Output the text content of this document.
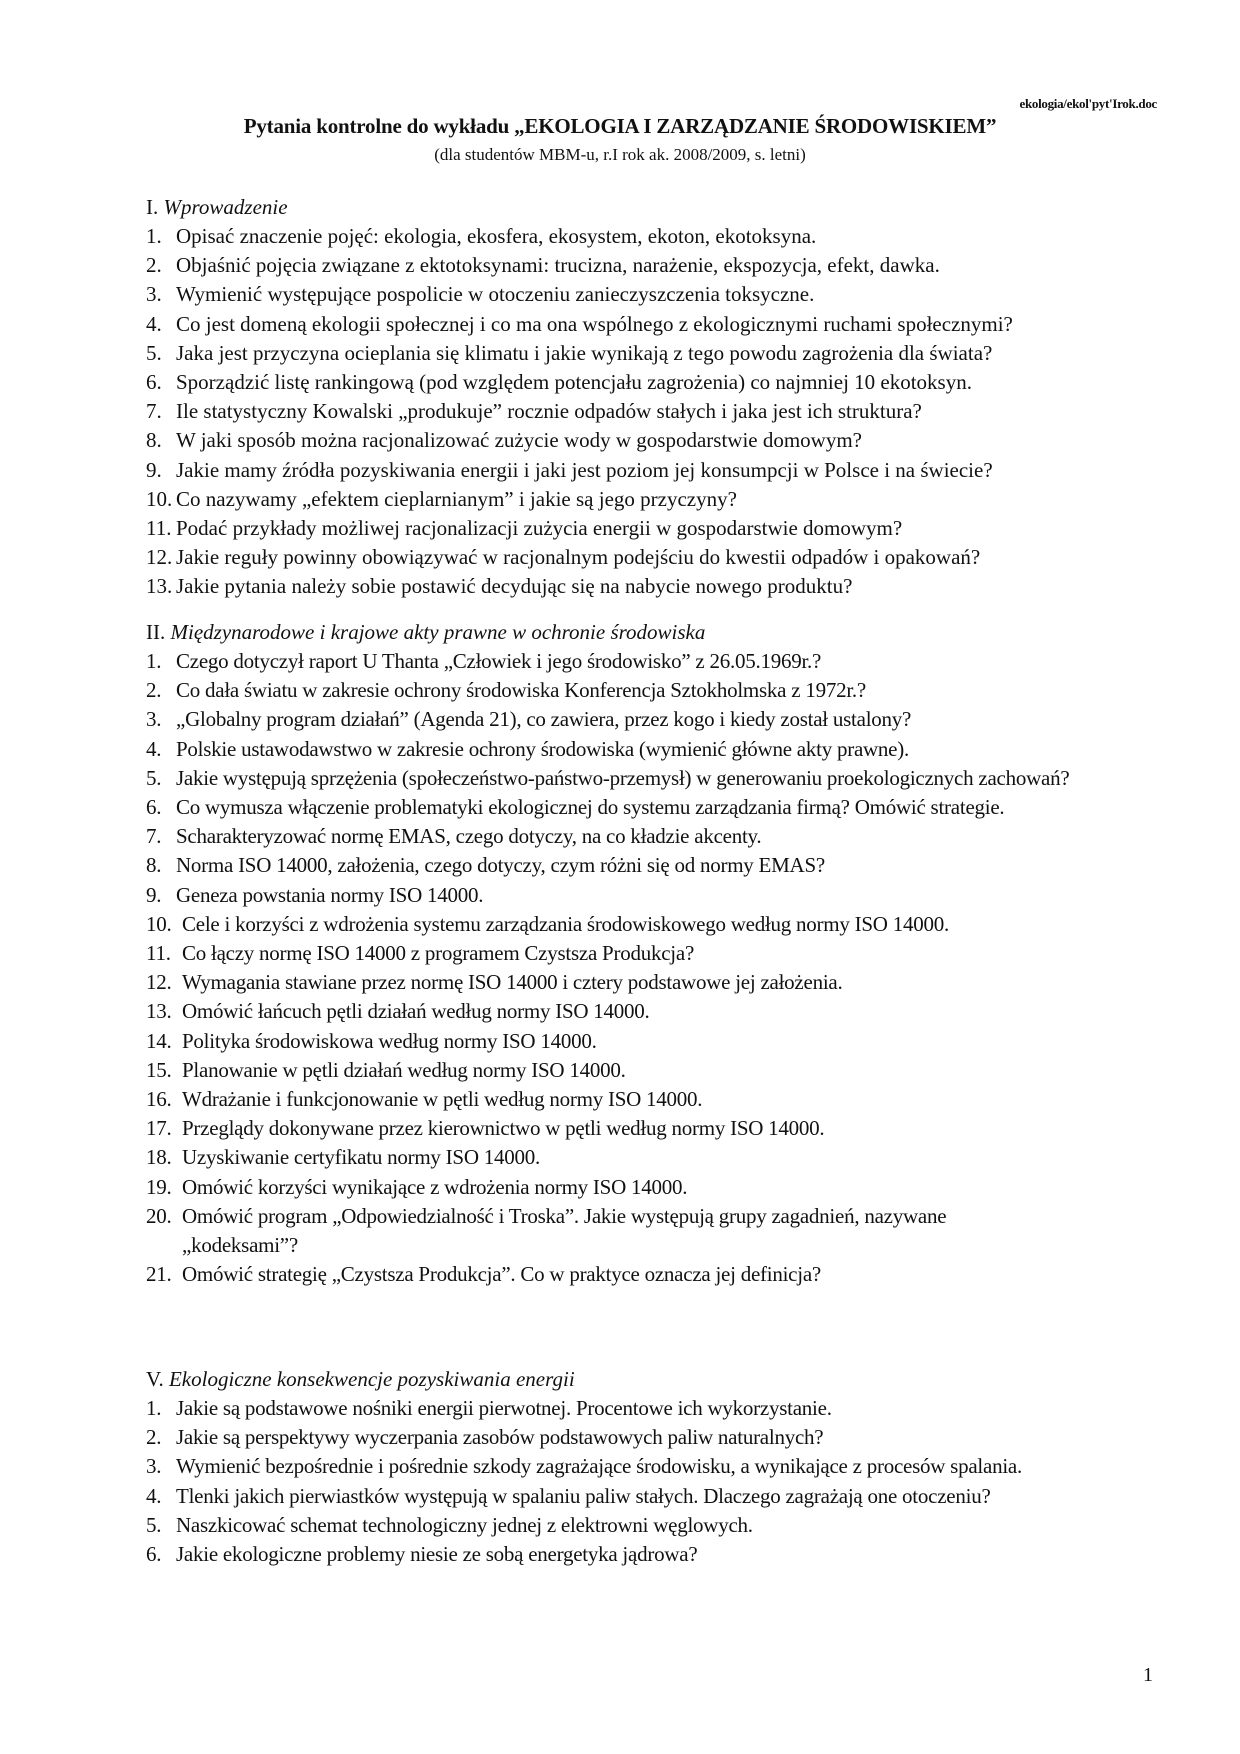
ekologia/ekol'pyt'Irok.doc
Pytania kontrolne do wykładu „EKOLOGIA I ZARZĄDZANIE ŚRODOWISKIEM”
(dla studentów MBM-u, r.I rok ak. 2008/2009, s. letni)
I. Wprowadzenie
1. Opisać znaczenie pojęć: ekologia, ekosfera, ekosystem, ekoton, ekotoksyna.
2. Objaśnić pojęcia związane z ektotoksynami: trucizna, narażenie, ekspozycja, efekt, dawka.
3. Wymienić występujące pospolicie w otoczeniu zanieczyszczenia toksyczne.
4. Co jest domeną ekologii społecznej i co ma ona wspólnego z ekologicznymi ruchami społecznymi?
5. Jaka jest przyczyna ocieplania się klimatu i jakie wynikają z tego powodu zagrożenia dla świata?
6. Sporządzić listę rankingową (pod względem potencjału zagrożenia) co najmniej 10 ekotoksyn.
7. Ile statystyczny Kowalski „produkuje” rocznie odpadów stałych i jaka jest ich struktura?
8. W jaki sposób można racjonalizować zużycie wody w gospodarstwie domowym?
9. Jakie mamy źródła pozyskiwania energii i jaki jest poziom jej konsumpcji w Polsce i na świecie?
10. Co nazywamy „efektem cieplarnianym” i jakie są jego przyczyny?
11. Podać przykłady możliwej racjonalizacji zużycia energii w gospodarstwie domowym?
12. Jakie reguły powinny obowiązywać w racjonalnym podejściu do kwestii odpadów i opakowań?
13. Jakie pytania należy sobie postawić decydując się na nabycie nowego produktu?
II. Międzynarodowe i krajowe akty prawne w ochronie środowiska
1. Czego dotyczył raport U Thanta „Człowiek i jego środowisko” z 26.05.1969r.?
2. Co dała światu w zakresie ochrony środowiska Konferencja Sztokholmska z 1972r.?
3. „Globalny program działań” (Agenda 21), co zawiera, przez kogo i kiedy został ustalony?
4. Polskie ustawodawstwo w zakresie ochrony środowiska (wymienić główne akty prawne).
5. Jakie występują sprzężenia (społeczeństwo-państwo-przemysł) w generowaniu proekologicznych zachowań?
6. Co wymusza włączenie problematyki ekologicznej do systemu zarządzania firmą? Omówić strategie.
7. Scharakteryzować normę EMAS, czego dotyczy, na co kładzie akcenty.
8. Norma ISO 14000, założenia, czego dotyczy, czym różni się od normy EMAS?
9. Geneza powstania normy ISO 14000.
10. Cele i korzyści z wdrożenia systemu zarządzania środowiskowego według normy ISO 14000.
11. Co łączy normę ISO 14000 z programem Czystsza Produkcja?
12. Wymagania stawiane przez normę ISO 14000 i cztery podstawowe jej założenia.
13. Omówić łańcuch pętli działań według normy ISO 14000.
14. Polityka środowiskowa według normy ISO 14000.
15. Planowanie w pętli działań według normy ISO 14000.
16. Wdrażanie i funkcjonowanie w pętli według normy ISO 14000.
17. Przeglądy dokonywane przez kierownictwo w pętli według normy ISO 14000.
18. Uzyskiwanie certyfikatu normy ISO 14000.
19. Omówić korzyści wynikające z wdrożenia normy ISO 14000.
20. Omówić program „Odpowiedzialność i Troska”. Jakie występują grupy zagadnień, nazywane „kodeksami”?
21. Omówić strategię „Czystsza Produkcja”. Co w praktyce oznacza jej definicja?
V. Ekologiczne konsekwencje pozyskiwania energii
1. Jakie są podstawowe nośniki energii pierwotnej. Procentowe ich wykorzystanie.
2. Jakie są perspektywy wyczerpania zasobów podstawowych paliw naturalnych?
3. Wymienić bezpośrednie i pośrednie szkody zagrażające środowisku, a wynikające z procesów spalania.
4. Tlenki jakich pierwiastków występują w spalaniu paliw stałych. Dlaczego zagrażają one otoczeniu?
5. Naszkicować schemat technologiczny jednej z elektrowni węglowych.
6. Jakie ekologiczne problemy niesie ze sobą energetyka jądrowa?
1
